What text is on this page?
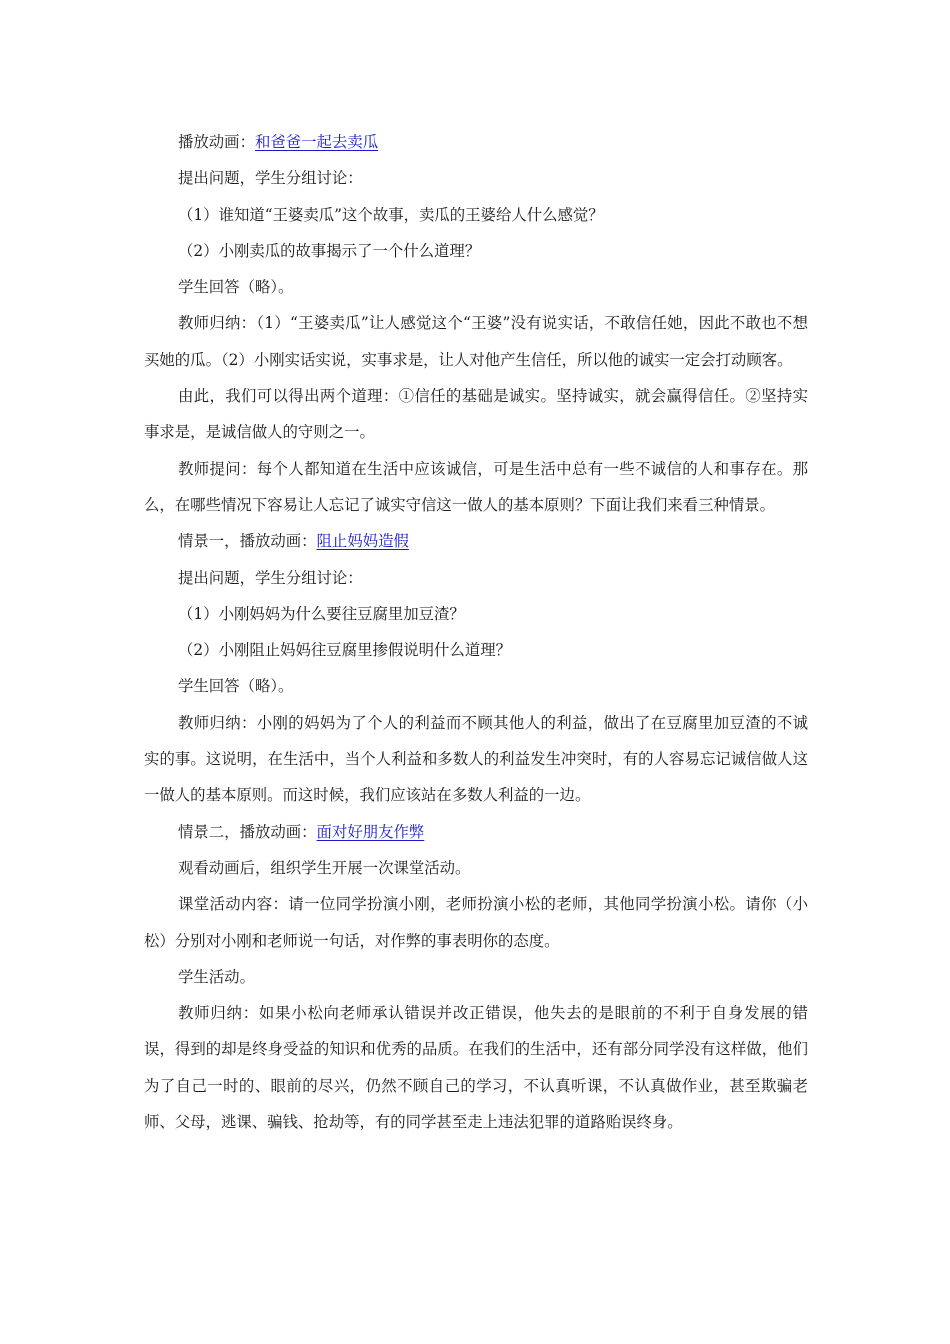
播放动画：和爸爸一起去卖瓜

提出问题，学生分组讨论：

（1）谁知道“王婆卖瓜”这个故事，卖瓜的王婆给人什么感觉？

（2）小刚卖瓜的故事揭示了一个什么道理？

学生回答（略）。

教师归纳：（1）“王婆卖瓜”让人感觉这个“王婆”没有说实话，不敢信任她，因此不敢也不想买她的瓜。（2）小刚实话实说，实事求是，让人对他产生信任，所以他的诚实一定会打动顾客。

由此，我们可以得出两个道理：①信任的基础是诚实。坚持诚实，就会赢得信任。②坚持实事求是，是诚信做人的守则之一。

教师提问：每个人都知道在生活中应该诚信，可是生活中总有一些不诚信的人和事存在。那么，在哪些情况下容易让人忘记了诚实守信这一做人的基本原则？下面让我们来看三种情景。

情景一，播放动画：阻止妈妈造假

提出问题，学生分组讨论：

（1）小刚妈妈为什么要往豆腐里加豆渣？

（2）小刚阻止妈妈往豆腐里掺假说明什么道理？

学生回答（略）。

教师归纳：小刚的妈妈为了个人的利益而不顾其他人的利益，做出了在豆腐里加豆渣的不诚实的事。这说明，在生活中，当个人利益和多数人的利益发生冲突时，有的人容易忘记诚信做人这一做人的基本原则。而这时候，我们应该站在多数人利益的一边。

情景二，播放动画：面对好朋友作弊

观看动画后，组织学生开展一次课堂活动。

课堂活动内容：请一位同学扮演小刚，老师扮演小松的老师，其他同学扮演小松。请你（小松）分别对小刚和老师说一句话，对作弊的事表明你的态度。

学生活动。

教师归纳：如果小松向老师承认错误并改正错误，他失去的是眼前的不利于自身发展的错误，得到的却是终身受益的知识和优秀的品质。在我们的生活中，还有部分同学没有这样做，他们为了自己一时的、眼前的尽兴，仍然不顾自己的学习，不认真听课，不认真做作业，甚至欺骗老师、父母，逃课、骗钱、抢劫等，有的同学甚至走上违法犯罪的道路贻误终身。
